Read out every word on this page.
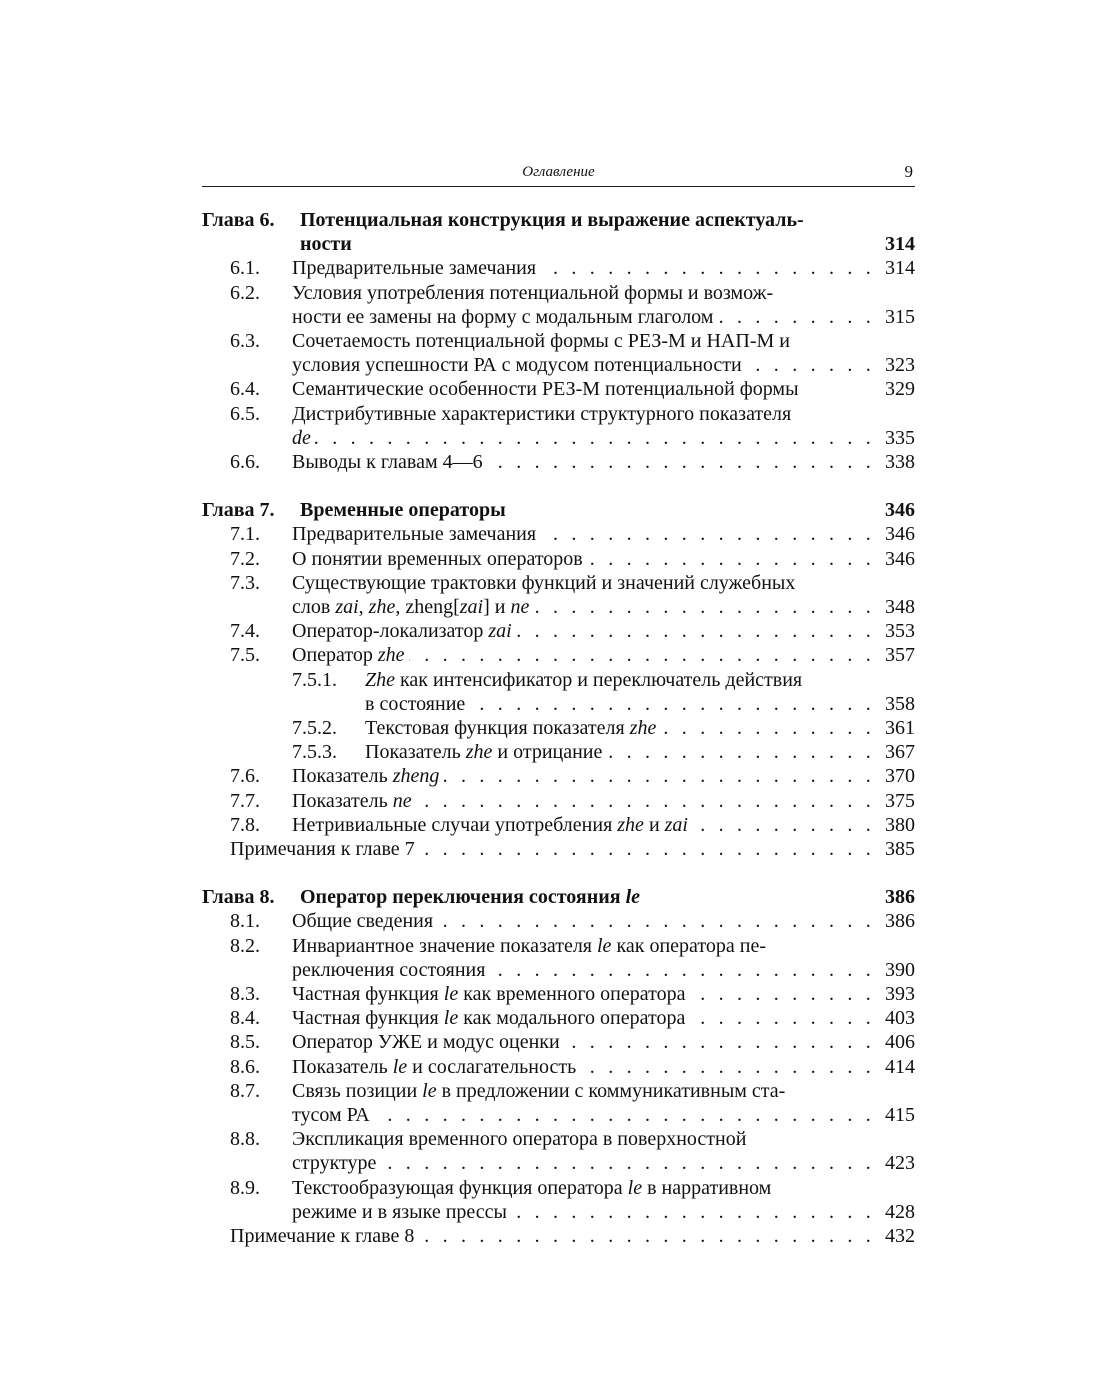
Оглавление	9
Глава 6. Потенциальная конструкция и выражение аспектуаль-
ности	314
6.1. Предварительные замечания . . .	314
6.2. Условия употребления потенциальной формы и возмож-
ности ее замены на форму с модальным глаголом . . .	315
6.3. Сочетаемость потенциальной формы с РЕЗ-М и НАП-М и
условия успешности РА с модусом потенциальности . . .	323
6.4. Семантические особенности РЕЗ-М потенциальной формы	329
6.5. Дистрибутивные характеристики структурного показателя
de . . .	335
6.6. Выводы к главам 4—6 . . .	338
Глава 7. Временные операторы	346
7.1. Предварительные замечания . . .	346
7.2. О понятии временных операторов . . .	346
7.3. Существующие трактовки функций и значений служебных
слов zai, zhe, zheng[zai] и ne . . .	348
7.4. Оператор-локализатор zai . . .	353
7.5. Оператор zhe . . .	357
7.5.1. Zhe как интенсификатор и переключатель действия
в состояние . . .	358
7.5.2. Текстовая функция показателя zhe . . .	361
7.5.3. Показатель zhe и отрицание . . .	367
7.6. Показатель zheng . . .	370
7.7. Показатель ne . . .	375
7.8. Нетривиальные случаи употребления zhe и zai . . .	380
Примечания к главе 7 . . .	385
Глава 8. Оператор переключения состояния le	386
8.1. Общие сведения . . .	386
8.2. Инвариантное значение показателя le как оператора пе-
реключения состояния . . .	390
8.3. Частная функция le как временного оператора . . .	393
8.4. Частная функция le как модального оператора . . .	403
8.5. Оператор УЖЕ и модус оценки . . .	406
8.6. Показатель le и сослагательность . . .	414
8.7. Связь позиции le в предложении с коммуникативным ста-
тусом РА . . .	415
8.8. Экспликация временного оператора в поверхностной
структуре . . .	423
8.9. Текстообразующая функция оператора le в нарративном
режиме и в языке прессы . . .	428
Примечание к главе 8 . . .	432
